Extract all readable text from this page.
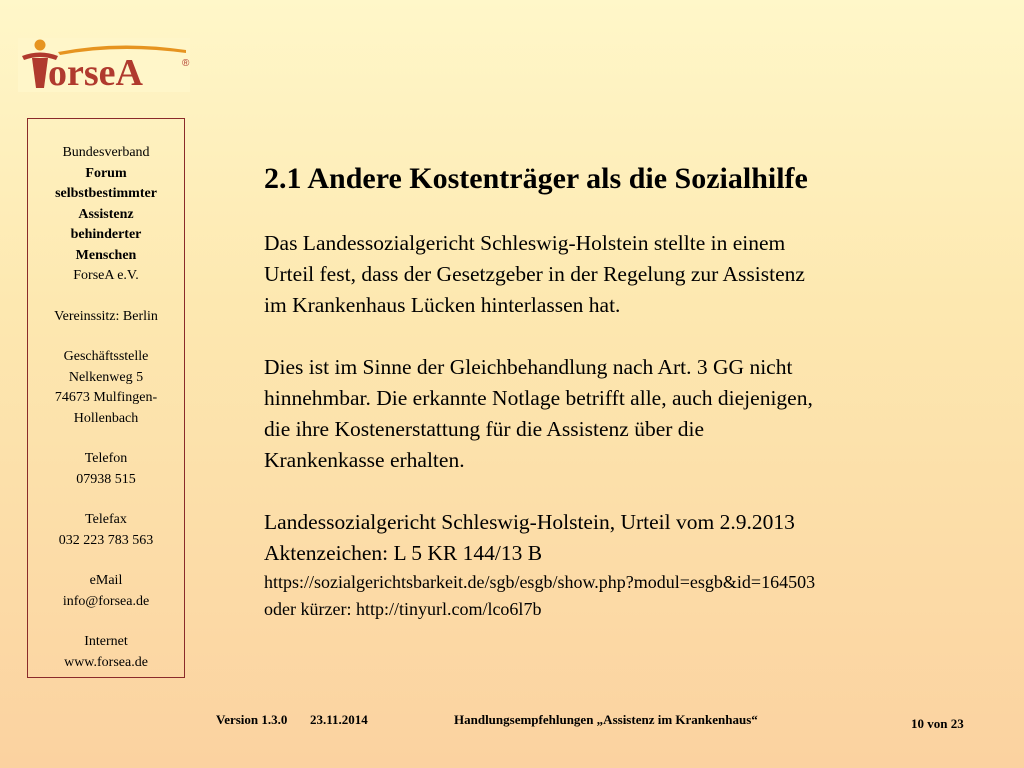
orseA	®

Bundesverband

Forum

selbstbestimmter

Assistenz

behinderter

Menschen

ForseA e.V.

Vereinssitz: Berlin

Geschäftsstelle

Nelkenweg 5

74673 Mulfingen-

Hollenbach

Telefon

07938 515

Telefax

032 223 783 563

eMail

info@forsea.de

Internet

www.forsea.de

2.1 Andere Kostenträger als die Sozialhilfe
Das Landessozialgericht Schleswig-Holstein stellte in einem
Urteil fest, dass der Gesetzgeber in der Regelung zur Assistenz
im Krankenhaus Lücken hinterlassen hat.
Dies ist im Sinne der Gleichbehandlung nach Art. 3 GG nicht
hinnehmbar. Die erkannte Notlage betrifft alle, auch diejenigen,
die ihre Kostenerstattung für die Assistenz über die
Krankenkasse erhalten.
Landessozialgericht Schleswig-Holstein, Urteil vom 2.9.2013
Aktenzeichen: L 5 KR 144/13 B
https://sozialgerichtsbarkeit.de/sgb/esgb/show.php?modul=esgb&id=164503
oder kürzer: http://tinyurl.com/lco6l7b
Version 1.3.0 23.11.2014	Handlungsempfehlungen „Assistenz im Krankenhaus“	10 von 23
